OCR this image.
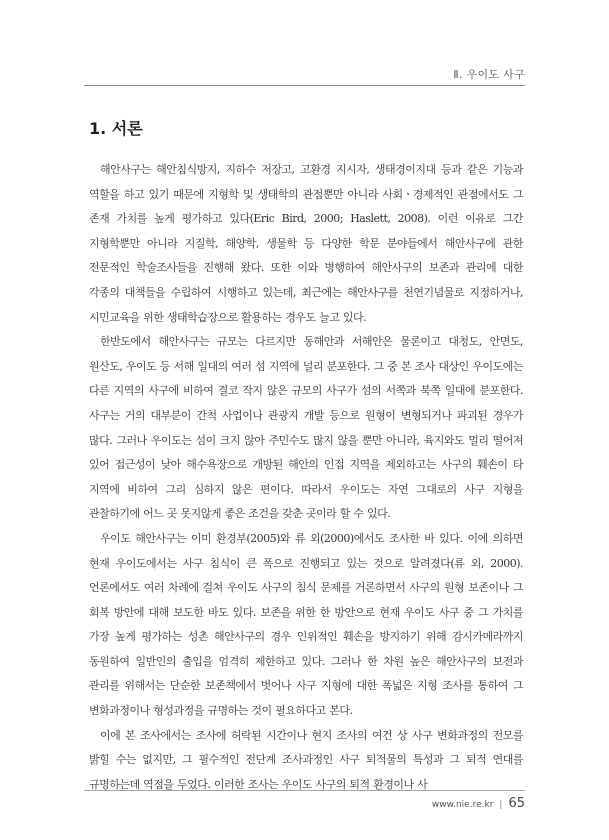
Ⅱ. 우이도 사구
1. 서론

해안사구는 해안침식방지, 지하수 저장고, 고환경 지시자, 생태경이지대 등과 같은 기능과 역할을 하고 있기 때문에 지형학 및 생태학의 관점뿐만 아니라 사회ㆍ경제적인 관점에서도 그 존재 가치를 높게 평가하고 있다(Eric Bird, 2000; Haslett, 2008). 이런 이유로 그간 지형학뿐만 아니라 지질학, 해양학, 생물학 등 다양한 학문 분야들에서 해안사구에 관한 전문적인 학술조사들을 진행해 왔다. 또한 이와 병행하여 해안사구의 보존과 관리에 대한 각종의 대책들을 수립하여 시행하고 있는데, 최근에는 해안사구를 천연기념물로 지정하거나, 시민교육을 위한 생태학습장으로 활용하는 경우도 늘고 있다.

한반도에서 해안사구는 규모는 다르지만 동해안과 서해안은 물론이고 대청도, 안면도, 원산도, 우이도 등 서해 일대의 여러 섬 지역에 널리 분포한다. 그 중 본 조사 대상인 우이도에는 다른 지역의 사구에 비하여 결코 작지 않은 규모의 사구가 섬의 서쪽과 북쪽 일대에 분포한다. 사구는 거의 대부분이 간척 사업이나 관광지 개발 등으로 원형이 변형되거나 파괴된 경우가 많다. 그러나 우이도는 섬이 크지 않아 주민수도 많지 않을 뿐만 아니라, 육지와도 멀리 떨어져 있어 접근성이 낮아 해수욕장으로 개방된 해안의 인접 지역을 제외하고는 사구의 훼손이 타 지역에 비하여 그리 심하지 않은 편이다. 따라서 우이도는 자연 그대로의 사구 지형을 관찰하기에 어느 곳 못지않게 좋은 조건을 갖춘 곳이라 할 수 있다.

우이도 해안사구는 이미 환경부(2005)와 류 외(2000)에서도 조사한 바 있다. 이에 의하면 현재 우이도에서는 사구 침식이 큰 폭으로 진행되고 있는 것으로 알려졌다(류 외, 2000). 언론에서도 여러 차례에 걸쳐 우이도 사구의 침식 문제를 거론하면서 사구의 원형 보존이나 그 회복 방안에 대해 보도한 바도 있다. 보존을 위한 한 방안으로 현재 우이도 사구 중 그 가치를 가장 높게 평가하는 성촌 해안사구의 경우 인위적인 훼손을 방지하기 위해 감시카메라까지 동원하여 일반인의 출입을 엄격히 제한하고 있다. 그러나 한 차원 높은 해안사구의 보전과 관리를 위해서는 단순한 보존책에서 벗어나 사구 지형에 대한 폭넓은 지형 조사를 통하여 그 변화과정이나 형성과정을 규명하는 것이 필요하다고 본다.

이에 본 조사에서는 조사에 허락된 시간이나 현지 조사의 여건 상 사구 변화과정의 전모를 밝힐 수는 없지만, 그 필수적인 전단계 조사과정인 사구 퇴적물의 특성과 그 퇴적 연대를 규명하는데 역점을 두었다. 이러한 조사는 우이도 사구의 퇴적 환경이나 사

www.nie.re.kr | 65
